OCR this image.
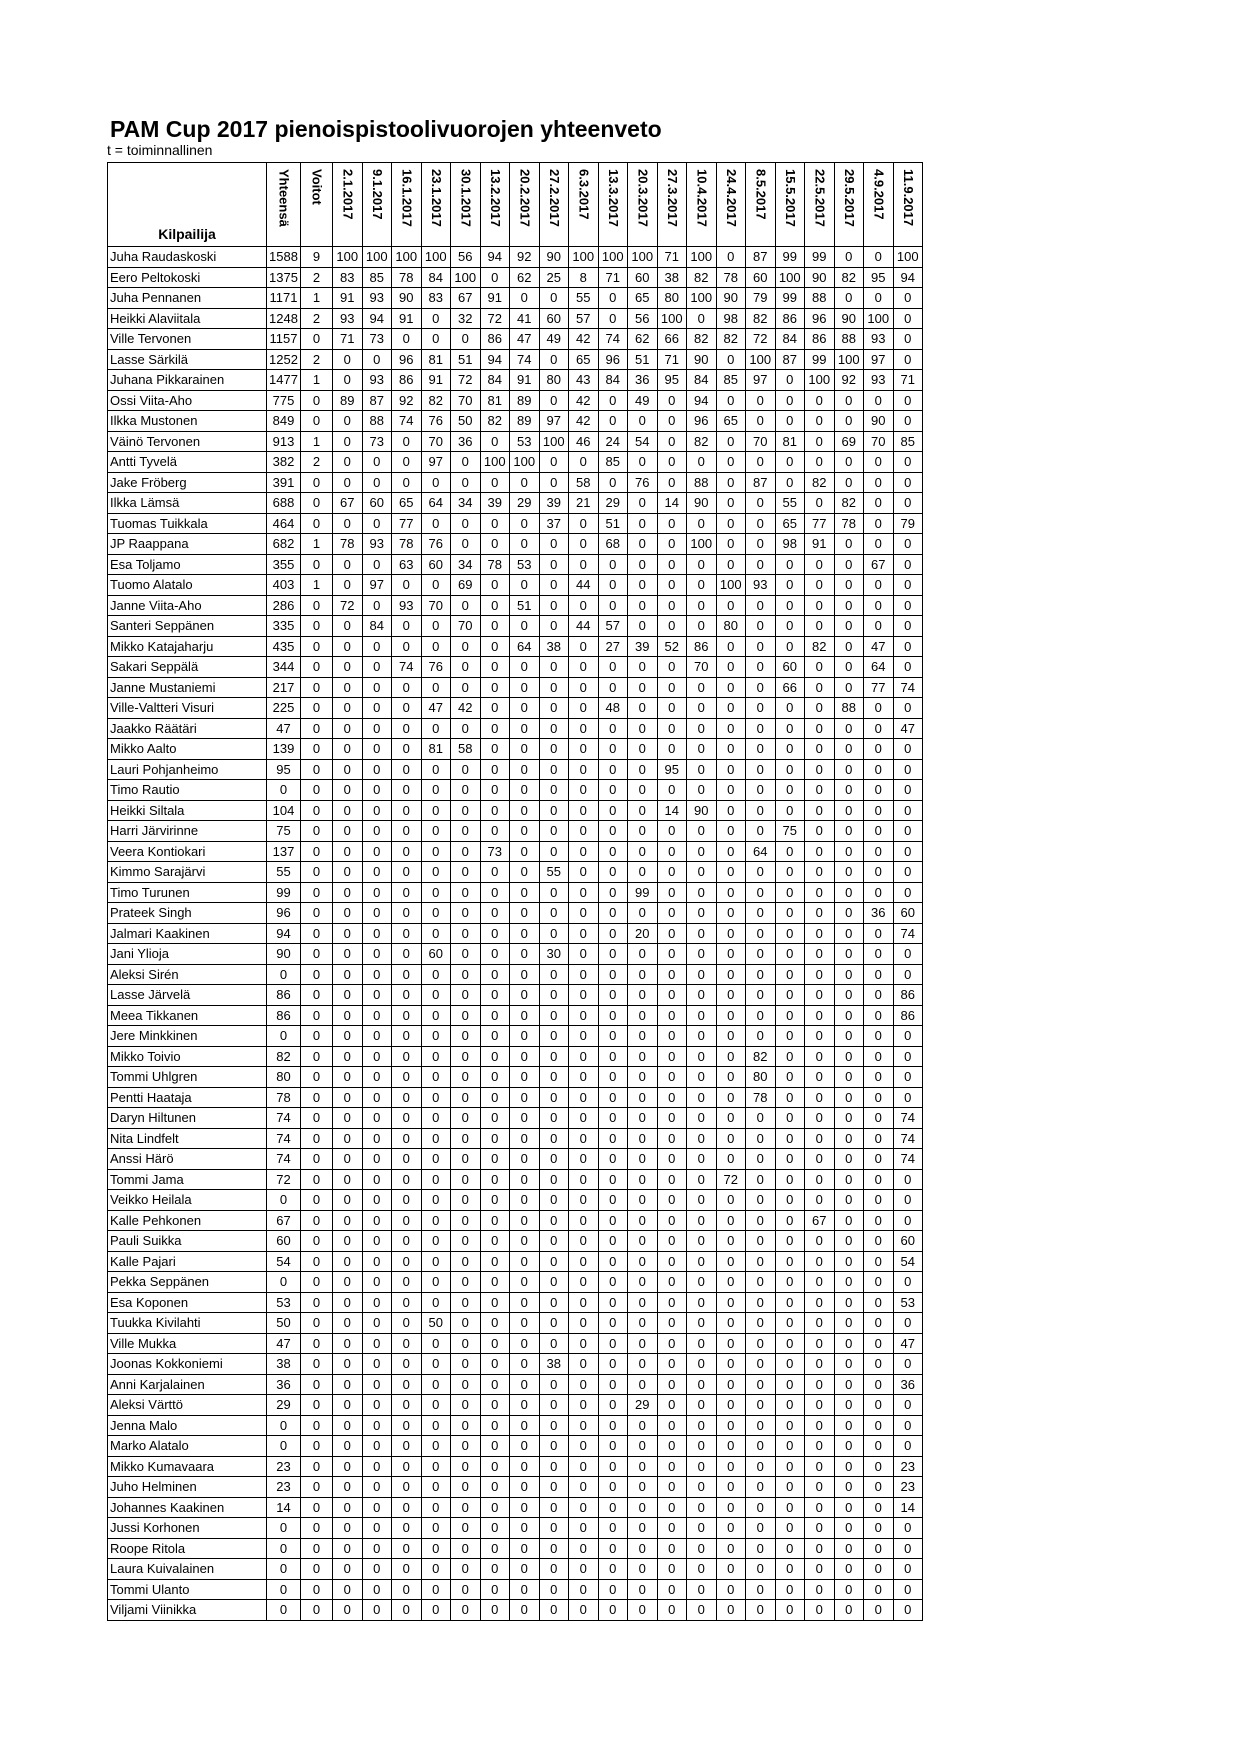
PAM Cup 2017 pienoispistoolivuorojen yhteenveto
t = toiminnallinen
Kilpailija	Yhteensä	Voitot	2.1.2017	9.1.2017	16.1.2017	23.1.2017	30.1.2017	13.2.2017	20.2.2017	27.2.2017	6.3.2017	13.3.2017	20.3.2017	27.3.2017	10.4.2017	24.4.2017	8.5.2017	15.5.2017	22.5.2017	29.5.2017	4.9.2017	11.9.2017
Juha Raudaskoski	1588	9	100	100	100	100	56	94	92	90	100	100	100	71	100	0	87	99	99	0	0	100
Eero Peltokoski	1375	2	83	85	78	84	100	0	62	25	8	71	60	38	82	78	60	100	90	82	95	94
Juha Pennanen	1171	1	91	93	90	83	67	91	0	0	55	0	65	80	100	90	79	99	88	0	0	0
Heikki Alaviitala	1248	2	93	94	91	0	32	72	41	60	57	0	56	100	0	98	82	86	96	90	100	0
Ville Tervonen	1157	0	71	73	0	0	0	86	47	49	42	74	62	66	82	82	72	84	86	88	93	0
Lasse Särkilä	1252	2	0	0	96	81	51	94	74	0	65	96	51	71	90	0	100	87	99	100	97	0
Juhana Pikkarainen	1477	1	0	93	86	91	72	84	91	80	43	84	36	95	84	85	97	0	100	92	93	71
Ossi Viita-Aho	775	0	89	87	92	82	70	81	89	0	42	0	49	0	94	0	0	0	0	0	0	0
Ilkka Mustonen	849	0	0	88	74	76	50	82	89	97	42	0	0	0	96	65	0	0	0	0	90	0
Väinö Tervonen	913	1	0	73	0	70	36	0	53	100	46	24	54	0	82	0	70	81	0	69	70	85
Antti Tyvelä	382	2	0	0	0	97	0	100	100	0	0	85	0	0	0	0	0	0	0	0	0	0
Jake Fröberg	391	0	0	0	0	0	0	0	0	0	58	0	76	0	88	0	87	0	82	0	0	0
Ilkka Lämsä	688	0	67	60	65	64	34	39	29	39	21	29	0	14	90	0	0	55	0	82	0	0
Tuomas Tuikkala	464	0	0	0	77	0	0	0	0	37	0	51	0	0	0	0	0	65	77	78	0	79
JP Raappana	682	1	78	93	78	76	0	0	0	0	0	68	0	0	100	0	0	98	91	0	0	0
Esa Toljamo	355	0	0	0	63	60	34	78	53	0	0	0	0	0	0	0	0	0	0	0	67	0
Tuomo Alatalo	403	1	0	97	0	0	69	0	0	0	44	0	0	0	0	100	93	0	0	0	0	0
Janne Viita-Aho	286	0	72	0	93	70	0	0	51	0	0	0	0	0	0	0	0	0	0	0	0	0
Santeri Seppänen	335	0	0	84	0	0	70	0	0	0	44	57	0	0	0	80	0	0	0	0	0	0
Mikko Katajaharju	435	0	0	0	0	0	0	0	64	38	0	27	39	52	86	0	0	0	82	0	47	0
Sakari Seppälä	344	0	0	0	74	76	0	0	0	0	0	0	0	0	70	0	0	60	0	0	64	0
Janne Mustaniemi	217	0	0	0	0	0	0	0	0	0	0	0	0	0	0	0	0	66	0	0	77	74
Ville-Valtteri Visuri	225	0	0	0	0	47	42	0	0	0	0	48	0	0	0	0	0	0	0	88	0	0
Jaakko Räätäri	47	0	0	0	0	0	0	0	0	0	0	0	0	0	0	0	0	0	0	0	0	47
Mikko Aalto	139	0	0	0	0	81	58	0	0	0	0	0	0	0	0	0	0	0	0	0	0	0
Lauri Pohjanheimo	95	0	0	0	0	0	0	0	0	0	0	0	0	95	0	0	0	0	0	0	0	0
Timo Rautio	0	0	0	0	0	0	0	0	0	0	0	0	0	0	0	0	0	0	0	0	0	0
Heikki Siltala	104	0	0	0	0	0	0	0	0	0	0	0	0	14	90	0	0	0	0	0	0	0
Harri Järvirinne	75	0	0	0	0	0	0	0	0	0	0	0	0	0	0	0	0	75	0	0	0	0
Veera Kontiokari	137	0	0	0	0	0	0	73	0	0	0	0	0	0	0	0	64	0	0	0	0	0
Kimmo Sarajärvi	55	0	0	0	0	0	0	0	0	55	0	0	0	0	0	0	0	0	0	0	0	0
Timo Turunen	99	0	0	0	0	0	0	0	0	0	0	0	99	0	0	0	0	0	0	0	0	0
Prateek Singh	96	0	0	0	0	0	0	0	0	0	0	0	0	0	0	0	0	0	0	0	36	60
Jalmari Kaakinen	94	0	0	0	0	0	0	0	0	0	0	0	20	0	0	0	0	0	0	0	0	74
Jani Ylioja	90	0	0	0	0	60	0	0	0	30	0	0	0	0	0	0	0	0	0	0	0	0
Aleksi Sirén	0	0	0	0	0	0	0	0	0	0	0	0	0	0	0	0	0	0	0	0	0	0
Lasse Järvelä	86	0	0	0	0	0	0	0	0	0	0	0	0	0	0	0	0	0	0	0	0	86
Meea Tikkanen	86	0	0	0	0	0	0	0	0	0	0	0	0	0	0	0	0	0	0	0	0	86
Jere Minkkinen	0	0	0	0	0	0	0	0	0	0	0	0	0	0	0	0	0	0	0	0	0	0
Mikko Toivio	82	0	0	0	0	0	0	0	0	0	0	0	0	0	0	0	82	0	0	0	0	0
Tommi Uhlgren	80	0	0	0	0	0	0	0	0	0	0	0	0	0	0	0	80	0	0	0	0	0
Pentti Haataja	78	0	0	0	0	0	0	0	0	0	0	0	0	0	0	0	78	0	0	0	0	0
Daryn Hiltunen	74	0	0	0	0	0	0	0	0	0	0	0	0	0	0	0	0	0	0	0	0	74
Nita Lindfelt	74	0	0	0	0	0	0	0	0	0	0	0	0	0	0	0	0	0	0	0	0	74
Anssi Härö	74	0	0	0	0	0	0	0	0	0	0	0	0	0	0	0	0	0	0	0	0	74
Tommi Jama	72	0	0	0	0	0	0	0	0	0	0	0	0	0	0	72	0	0	0	0	0	0
Veikko Heilala	0	0	0	0	0	0	0	0	0	0	0	0	0	0	0	0	0	0	0	0	0	0
Kalle Pehkonen	67	0	0	0	0	0	0	0	0	0	0	0	0	0	0	0	0	0	67	0	0	0
Pauli Suikka	60	0	0	0	0	0	0	0	0	0	0	0	0	0	0	0	0	0	0	0	0	60
Kalle Pajari	54	0	0	0	0	0	0	0	0	0	0	0	0	0	0	0	0	0	0	0	0	54
Pekka Seppänen	0	0	0	0	0	0	0	0	0	0	0	0	0	0	0	0	0	0	0	0	0	0
Esa Koponen	53	0	0	0	0	0	0	0	0	0	0	0	0	0	0	0	0	0	0	0	0	53
Tuukka Kivilahti	50	0	0	0	0	50	0	0	0	0	0	0	0	0	0	0	0	0	0	0	0	0
Ville Mukka	47	0	0	0	0	0	0	0	0	0	0	0	0	0	0	0	0	0	0	0	0	47
Joonas Kokkoniemi	38	0	0	0	0	0	0	0	0	38	0	0	0	0	0	0	0	0	0	0	0	0
Anni Karjalainen	36	0	0	0	0	0	0	0	0	0	0	0	0	0	0	0	0	0	0	0	0	36
Aleksi Värttö	29	0	0	0	0	0	0	0	0	0	0	0	29	0	0	0	0	0	0	0	0	0
Jenna Malo	0	0	0	0	0	0	0	0	0	0	0	0	0	0	0	0	0	0	0	0	0	0
Marko Alatalo	0	0	0	0	0	0	0	0	0	0	0	0	0	0	0	0	0	0	0	0	0	0
Mikko Kumavaara	23	0	0	0	0	0	0	0	0	0	0	0	0	0	0	0	0	0	0	0	0	23
Juho Helminen	23	0	0	0	0	0	0	0	0	0	0	0	0	0	0	0	0	0	0	0	0	23
Johannes Kaakinen	14	0	0	0	0	0	0	0	0	0	0	0	0	0	0	0	0	0	0	0	0	14
Jussi Korhonen	0	0	0	0	0	0	0	0	0	0	0	0	0	0	0	0	0	0	0	0	0	0
Roope Ritola	0	0	0	0	0	0	0	0	0	0	0	0	0	0	0	0	0	0	0	0	0	0
Laura Kuivalainen	0	0	0	0	0	0	0	0	0	0	0	0	0	0	0	0	0	0	0	0	0	0
Tommi Ulanto	0	0	0	0	0	0	0	0	0	0	0	0	0	0	0	0	0	0	0	0	0	0
Viljami Viinikka	0	0	0	0	0	0	0	0	0	0	0	0	0	0	0	0	0	0	0	0	0	0
